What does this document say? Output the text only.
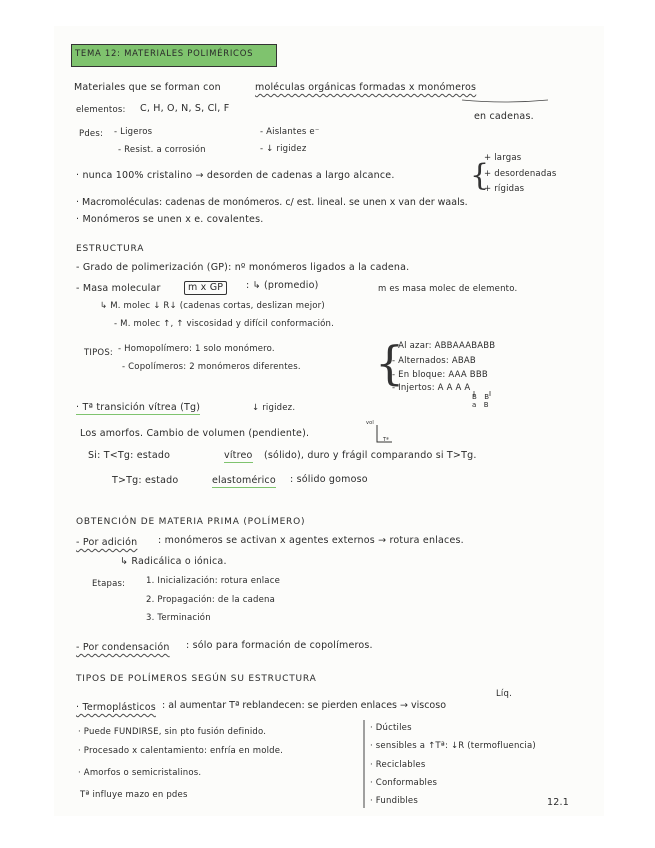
TEMA 12: MATERIALES POLIMÉRICOS
Materiales que se forman con	moléculas orgánicas formadas x monómeros
en cadenas.
elementos: C, H, O, N, S, Cl, F
Pdes: - Ligeros	- Aislantes e⁻
- Resist. a corrosión	- ↓ rigidez
· nunca 100% cristalino → desorden de cadenas a largo alcance.	{
+ largas
+ desordenadas
+ rígidas
· Macromoléculas: cadenas de monómeros. c/ est. lineal. se unen x van der waals.
· Monómeros se unen x e. covalentes.
ESTRUCTURA
- Grado de polimerización (GP): nº monómeros ligados a la cadena.
- Masa molecular	m x GP	: ↳ (promedio)	m es masa molec de elemento.
↳ M. molec ↓ R↓ (cadenas cortas, deslizan mejor)
- M. molec ↑, ↑ viscosidad y difícil conformación.
TIPOS: - Homopolímero: 1 solo monómero.
- Copolímeros: 2 monómeros diferentes. {
- Al azar: ABBAAABABB
- Alternados: ABAB
- En bloque: AAA BBB
- Injertos: A A A A
B   B
a   B
· Tª transición vítrea (Tg)	↓ rigidez.
Los amorfos. Cambio de volumen (pendiente).
vol
Tª
Si: T<Tg: estado	vítreo (sólido), duro y frágil comparando si T>Tg.
T>Tg: estado	elastomérico : sólido gomoso
OBTENCIÓN DE MATERIA PRIMA (POLÍMERO)
- Por adición : monómeros se activan x agentes externos → rotura enlaces.
↳ Radicálica o iónica.
Etapas: 1. Inicialización: rotura enlace
2. Propagación: de la cadena
3. Terminación
- Por condensación : sólo para formación de copolímeros.
TIPOS DE POLÍMEROS SEGÚN SU ESTRUCTURA
Líq.
· Termoplásticos : al aumentar Tª reblandecen: se pierden enlaces → viscoso
· Puede FUNDIRSE, sin pto fusión definido.
· Procesado x calentamiento: enfría en molde.
· Amorfos o semicristalinos.
Tª influye mazo en pdes
· Dúctiles
· sensibles a ↑Tª: ↓R (termofluencia)
· Reciclables
· Conformables
· Fundibles	12.1
